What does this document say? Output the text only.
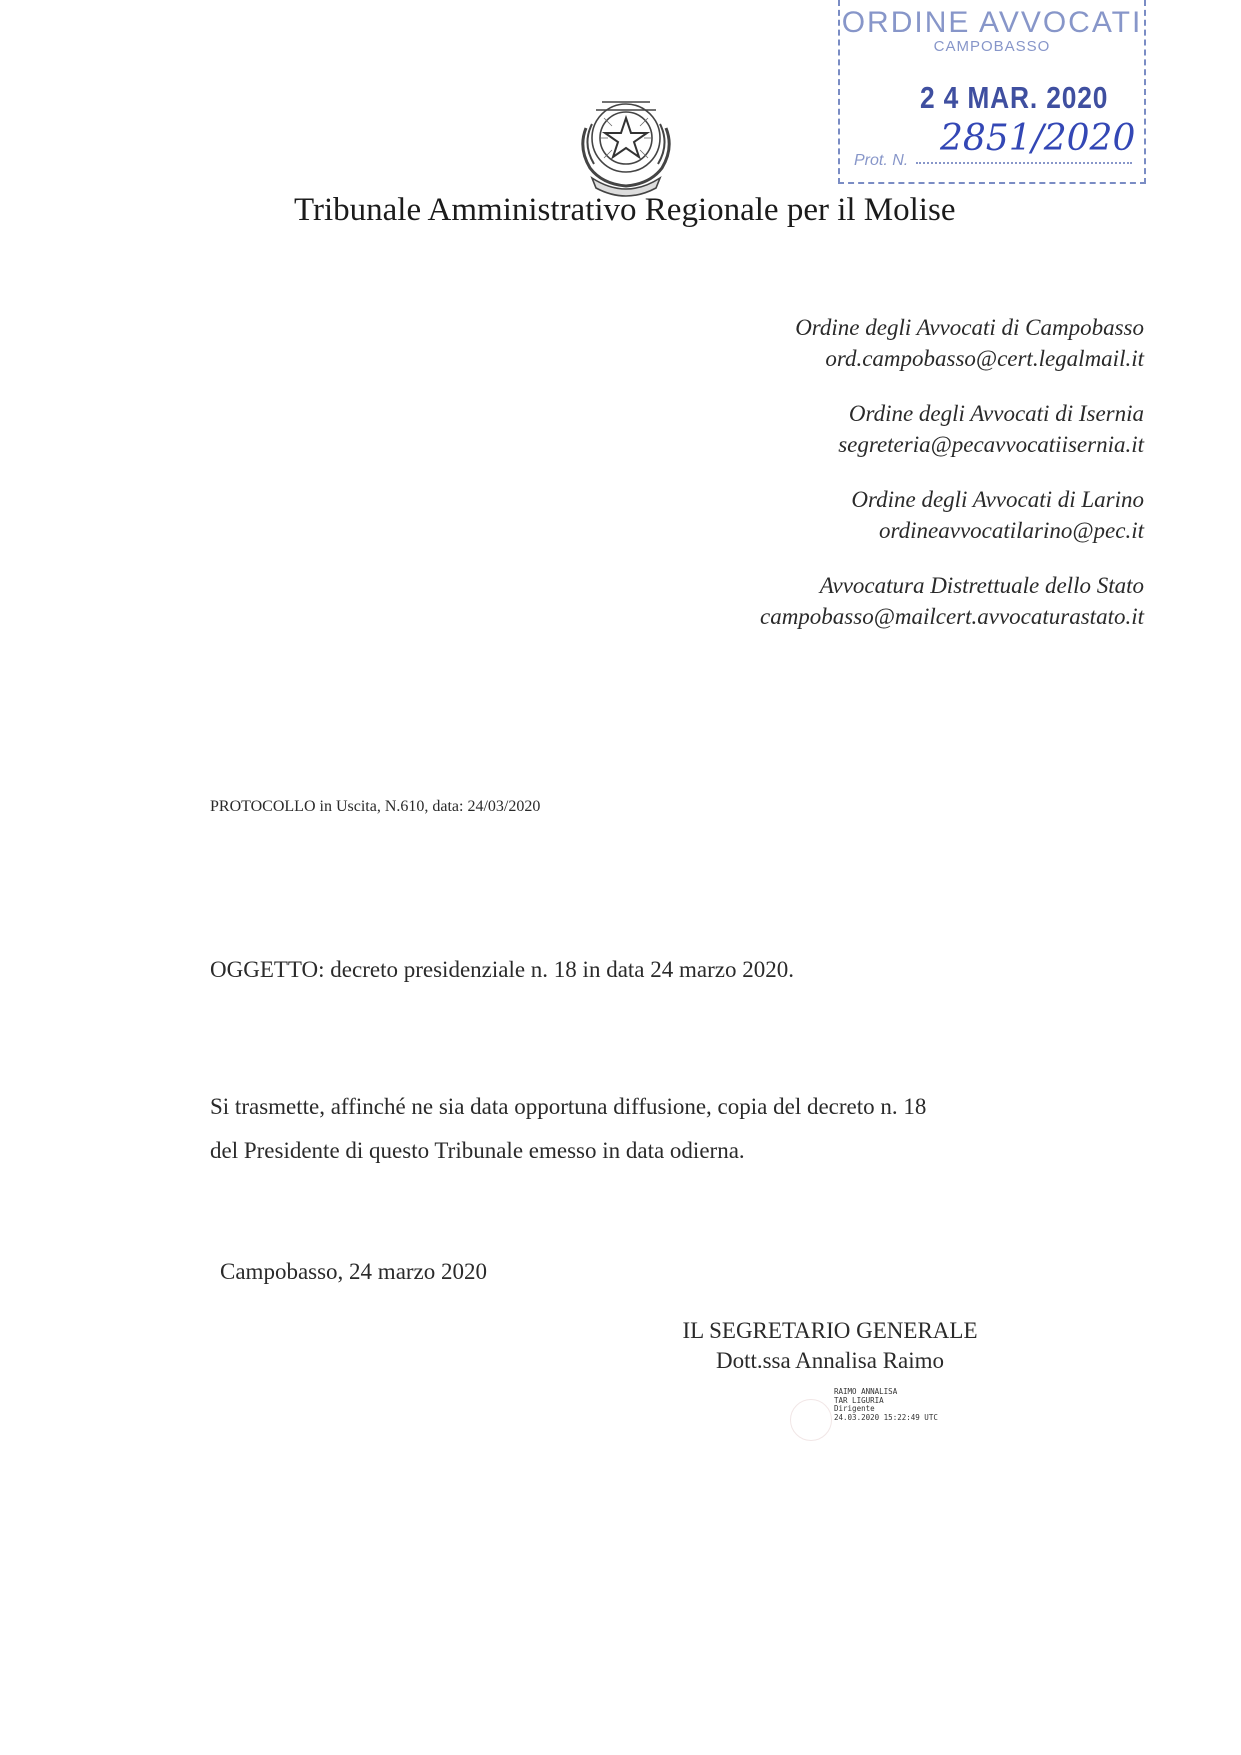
ORDINE AVVOCATI
CAMPOBASSO
2 4 MAR. 2020
2851/2020
Prot. N.
Tribunale Amministrativo Regionale per il Molise
Ordine degli Avvocati di Campobasso
ord.campobasso@cert.legalmail.it
Ordine degli Avvocati di Isernia
segreteria@pecavvocatiisernia.it
Ordine degli Avvocati di Larino
ordineavvocatilarino@pec.it
Avvocatura Distrettuale dello Stato
campobasso@mailcert.avvocaturastato.it
PROTOCOLLO in Uscita, N.610, data: 24/03/2020
OGGETTO: decreto presidenziale n. 18 in data 24 marzo 2020.
Si trasmette, affinché ne sia data opportuna diffusione, copia del decreto n. 18
del Presidente di questo Tribunale emesso in data odierna.
Campobasso, 24 marzo 2020
IL SEGRETARIO GENERALE
Dott.ssa Annalisa Raimo
RAIMO ANNALISA
TAR LIGURIA
Dirigente
24.03.2020 15:22:49 UTC
